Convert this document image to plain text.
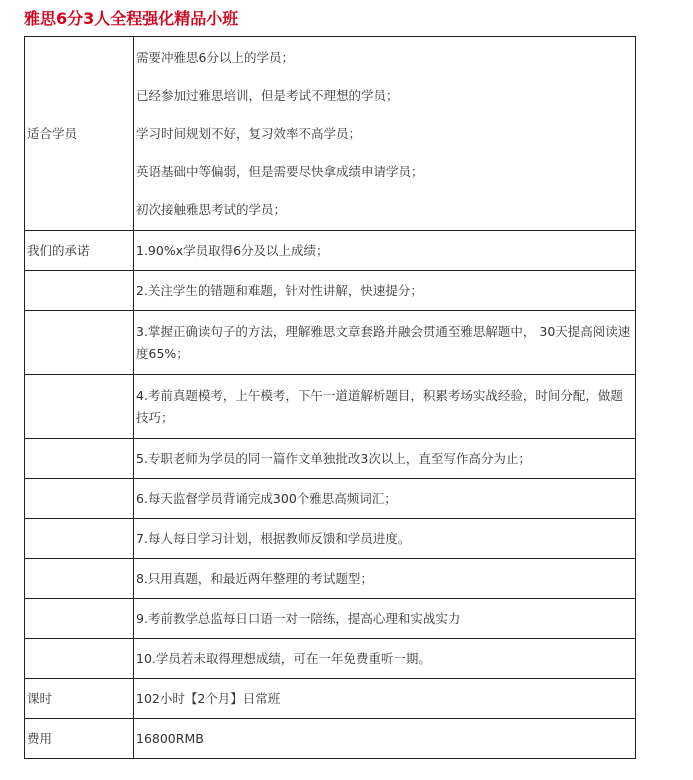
雅思6分3人全程强化精品小班
适合学员	需要冲雅思6分以上的学员；
已经参加过雅思培训，但是考试不理想的学员；
学习时间规划不好，复习效率不高学员；
英语基础中等偏弱，但是需要尽快拿成绩申请学员；
初次接触雅思考试的学员；

我们的承诺	1.90%x学员取得6分及以上成绩；
	2.关注学生的错题和难题，针对性讲解，快速提分；
	3.掌握正确读句子的方法，理解雅思文章套路并融会贯通至雅思解题中， 30天提高阅读速度65%；
	4.考前真题模考，上午模考，下午一道道解析题目，积累考场实战经验，时间分配，做题技巧；
	5.专职老师为学员的同一篇作文单独批改3次以上，直至写作高分为止；
	6.每天监督学员背诵完成300个雅思高频词汇；
	7.每人每日学习计划，根据教师反馈和学员进度。
	8.只用真题，和最近两年整理的考试题型；
	9.考前教学总监每日口语一对一陪练，提高心理和实战实力
	10.学员若未取得理想成绩，可在一年免费重听一期。
课时	102小时【2个月】日常班
费用	16800RMB
